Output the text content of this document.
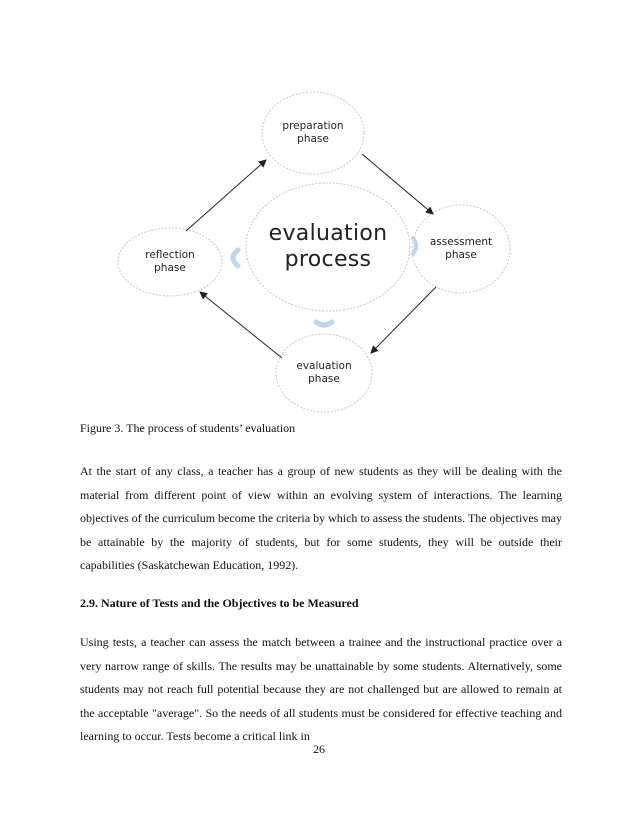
preparation
phase
assessment
phase
evaluation
phase
reflection
phase
evaluation
process
Figure 3. The process of students’ evaluation

At the start of any class, a teacher has a group of new students as they will be dealing with the material from different point of view within an evolving system of interactions. The learning objectives of the curriculum become the criteria by which to assess the students. The objectives may be attainable by the majority of students, but for some students, they will be outside their capabilities (Saskatchewan Education, 1992).

2.9. Nature of Tests and the Objectives to be Measured

Using tests, a teacher can assess the match between a trainee and the instructional practice over a very narrow range of skills. The results may be unattainable by some students. Alternatively, some students may not reach full potential because they are not challenged but are allowed to remain at the acceptable "average". So the needs of all students must be considered for effective teaching and learning to occur. Tests become a critical link in

26
